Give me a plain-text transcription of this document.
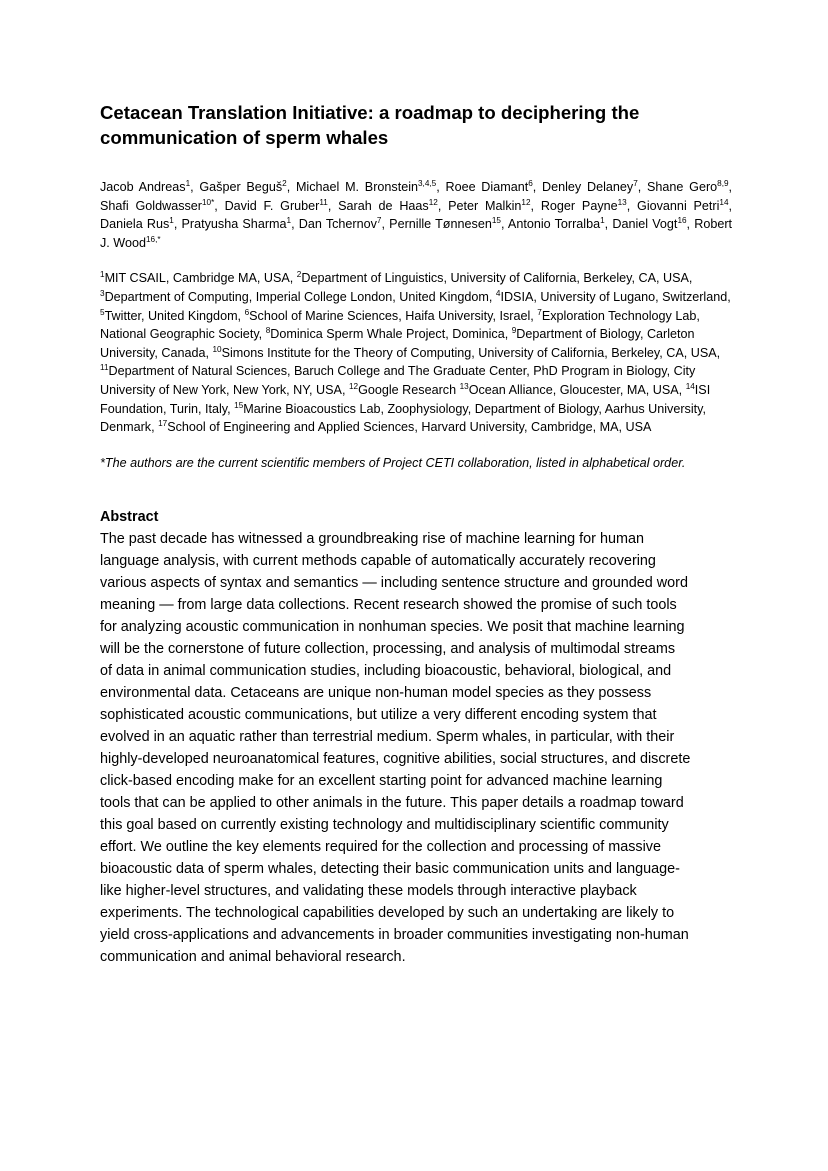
Cetacean Translation Initiative: a roadmap to deciphering the communication of sperm whales
Jacob Andreas$^1$, Gašper Beguš$^2$, Michael M. Bronstein$^{3,4,5}$, Roee Diamant$^6$, Denley Delaney$^7$, Shane Gero$^{8,9}$, Shafi Goldwasser$^{10*}$, David F. Gruber$^{11}$, Sarah de Haas$^{12}$, Peter Malkin$^{12}$, Roger Payne$^{13}$, Giovanni Petri$^{14}$, Daniela Rus$^1$, Pratyusha Sharma$^1$, Dan Tchernov$^7$, Pernille Tønnesen$^{15}$, Antonio Torralba$^1$, Daniel Vogt$^{16}$, Robert J. Wood$^{16,*}$
$^1$MIT CSAIL, Cambridge MA, USA, $^2$Department of Linguistics, University of California, Berkeley, CA, USA, $^3$Department of Computing, Imperial College London, United Kingdom, $^4$IDSIA, University of Lugano, Switzerland, $^5$Twitter, United Kingdom, $^6$School of Marine Sciences, Haifa University, Israel, $^7$Exploration Technology Lab, National Geographic Society, $^8$Dominica Sperm Whale Project, Dominica, $^9$Department of Biology, Carleton University, Canada, $^{10}$Simons Institute for the Theory of Computing, University of California, Berkeley, CA, USA, $^{11}$Department of Natural Sciences, Baruch College and The Graduate Center, PhD Program in Biology, City University of New York, New York, NY, USA, $^{12}$Google Research $^{13}$Ocean Alliance, Gloucester, MA, USA, $^{14}$ISI Foundation, Turin, Italy, $^{15}$Marine Bioacoustics Lab, Zoophysiology, Department of Biology, Aarhus University, Denmark, $^{17}$School of Engineering and Applied Sciences, Harvard University, Cambridge, MA, USA
*The authors are the current scientific members of Project CETI collaboration, listed in alphabetical order.
Abstract
The past decade has witnessed a groundbreaking rise of machine learning for human
language analysis, with current methods capable of automatically accurately recovering
various aspects of syntax and semantics — including sentence structure and grounded word
meaning — from large data collections. Recent research showed the promise of such tools
for analyzing acoustic communication in nonhuman species. We posit that machine learning
will be the cornerstone of future collection, processing, and analysis of multimodal streams
of data in animal communication studies, including bioacoustic, behavioral, biological, and
environmental data. Cetaceans are unique non-human model species as they possess
sophisticated acoustic communications, but utilize a very different encoding system that
evolved in an aquatic rather than terrestrial medium. Sperm whales, in particular, with their
highly-developed neuroanatomical features, cognitive abilities, social structures, and discrete
click-based encoding make for an excellent starting point for advanced machine learning
tools that can be applied to other animals in the future. This paper details a roadmap toward
this goal based on currently existing technology and multidisciplinary scientific community
effort. We outline the key elements required for the collection and processing of massive
bioacoustic data of sperm whales, detecting their basic communication units and language-
like higher-level structures, and validating these models through interactive playback
experiments. The technological capabilities developed by such an undertaking are likely to
yield cross-applications and advancements in broader communities investigating non-human
communication and animal behavioral research.
